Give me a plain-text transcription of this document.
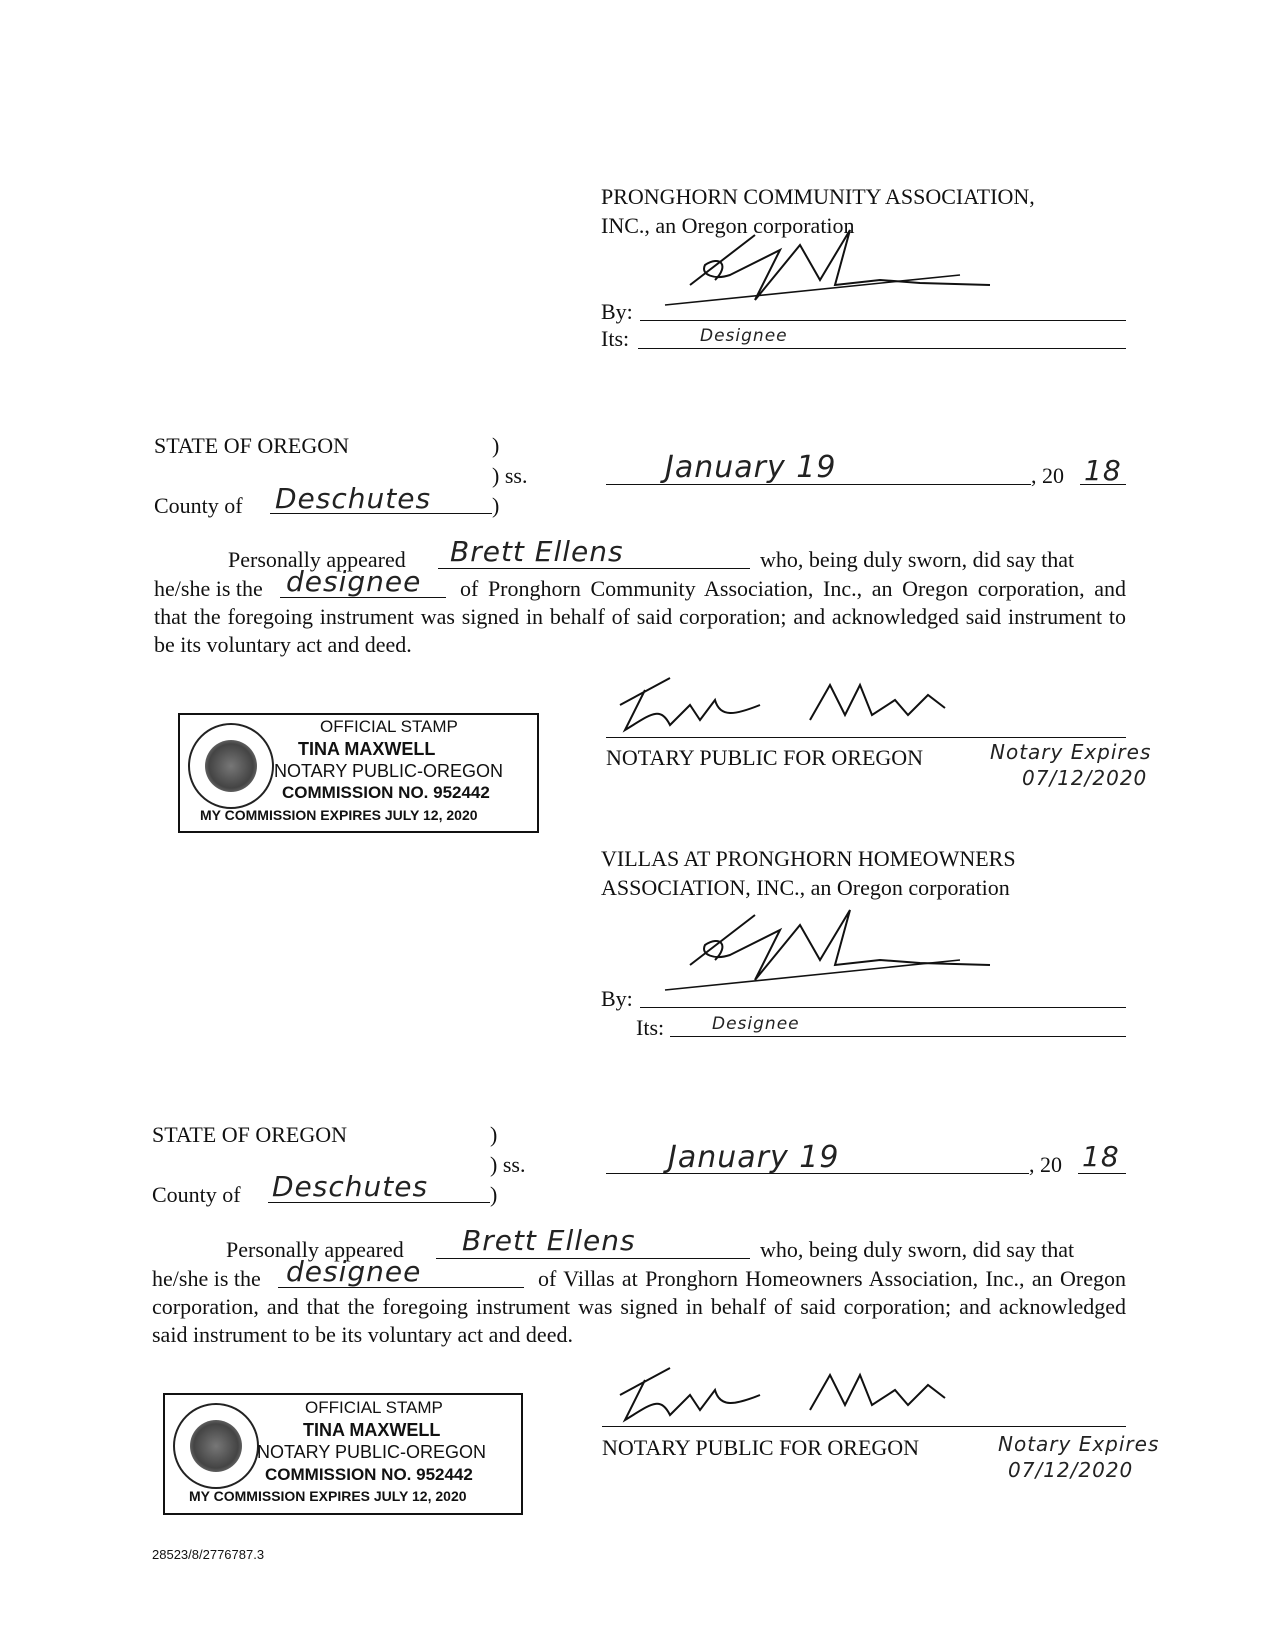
PRONGHORN COMMUNITY ASSOCIATION,
INC., an Oregon corporation
By:
Its:	Designee
STATE OF OREGON	)
) ss.
)
County of Deschutes
January 19	, 20 18
Personally appeared Brett Ellens	who, being duly sworn, did say that
he/she is the designee	of Pronghorn Community Association, Inc., an Oregon corporation, and that the foregoing instrument was signed in behalf of said corporation; and acknowledged said instrument to be its voluntary act and deed.
NOTARY PUBLIC FOR OREGON	Notary Expires
07/12/2020
OFFICIAL STAMP
TINA MAXWELL
NOTARY PUBLIC-OREGON
COMMISSION NO. 952442
MY COMMISSION EXPIRES JULY 12, 2020
VILLAS AT PRONGHORN HOMEOWNERS
ASSOCIATION, INC., an Oregon corporation
By:
Its:	Designee
STATE OF OREGON	)
) ss.
)
County of Deschutes
January 19	, 20 18
Personally appeared Brett Ellens	who, being duly sworn, did say that
he/she is the designee	of Villas at Pronghorn Homeowners Association, Inc., an Oregon corporation, and that the foregoing instrument was signed in behalf of said corporation; and acknowledged said instrument to be its voluntary act and deed.
NOTARY PUBLIC FOR OREGON	Notary Expires
07/12/2020
OFFICIAL STAMP
TINA MAXWELL
NOTARY PUBLIC-OREGON
COMMISSION NO. 952442
MY COMMISSION EXPIRES JULY 12, 2020
28523/8/2776787.3
